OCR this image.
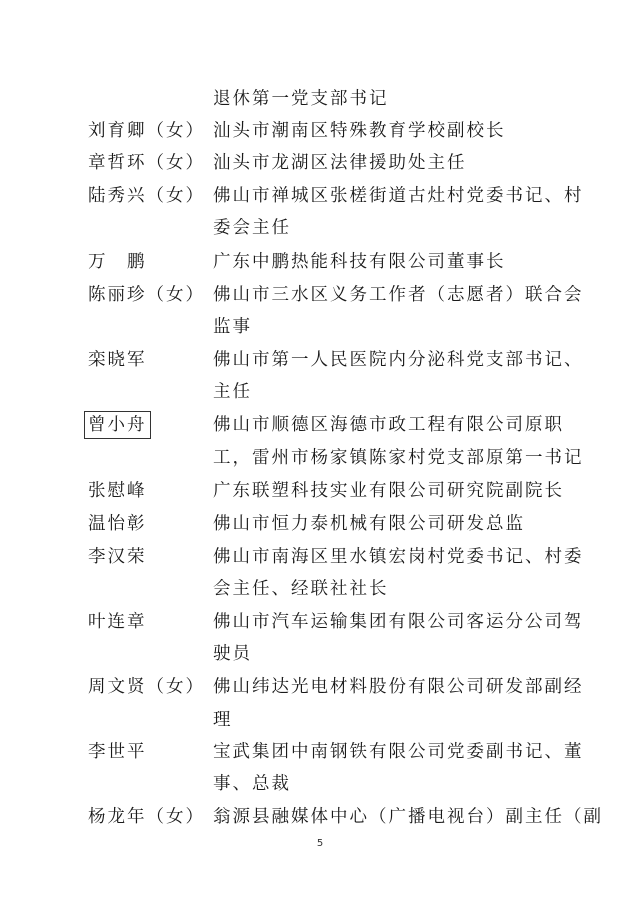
退休第一党支部书记
刘育卿（女） 汕头市潮南区特殊教育学校副校长
章哲环（女） 汕头市龙湖区法律援助处主任
陆秀兴（女） 佛山市禅城区张槎街道古灶村党委书记、村
委会主任
万　鹏	广东中鹏热能科技有限公司董事长
陈丽珍（女） 佛山市三水区义务工作者（志愿者）联合会
监事
栾晓军	佛山市第一人民医院内分泌科党支部书记、
主任
曾小舟	佛山市顺德区海德市政工程有限公司原职
工，雷州市杨家镇陈家村党支部原第一书记
张慰峰	广东联塑科技实业有限公司研究院副院长
温怡彰	佛山市恒力泰机械有限公司研发总监
李汉荣	佛山市南海区里水镇宏岗村党委书记、村委
会主任、经联社社长
叶连章	佛山市汽车运输集团有限公司客运分公司驾
驶员
周文贤（女） 佛山纬达光电材料股份有限公司研发部副经
理
李世平	宝武集团中南钢铁有限公司党委副书记、董
事、总裁
杨龙年（女） 翁源县融媒体中心（广播电视台）副主任（副
5
